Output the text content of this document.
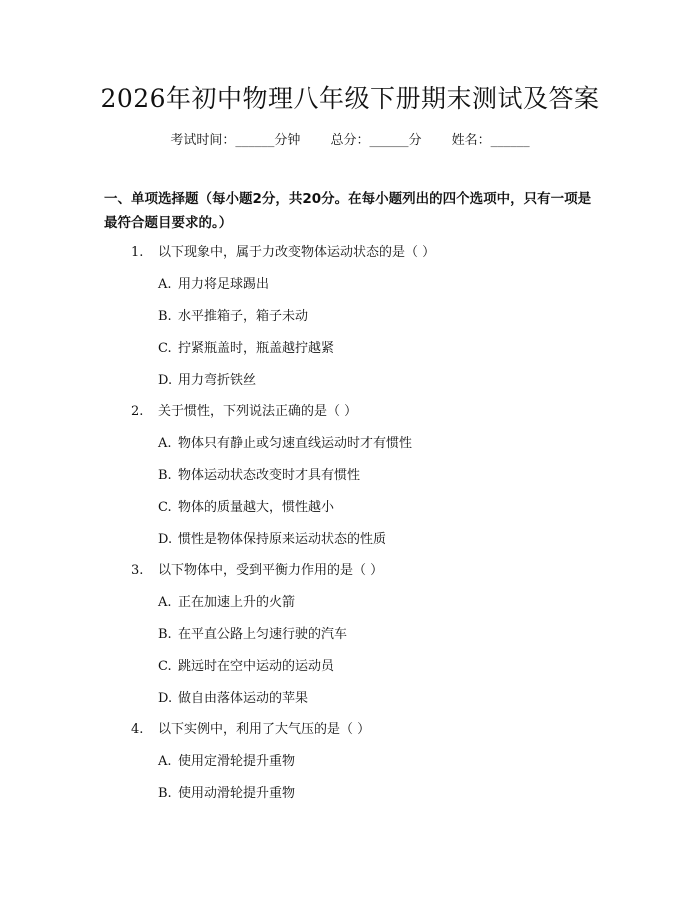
2026年初中物理八年级下册期末测试及答案
考试时间：______分钟 总分：______分 姓名：______
一、单项选择题（每小题2分，共20分。在每小题列出的四个选项中，只有一项是最符合题目要求的。）
1. 以下现象中，属于力改变物体运动状态的是（ ）
A. 用力将足球踢出
B. 水平推箱子，箱子未动
C. 拧紧瓶盖时，瓶盖越拧越紧
D. 用力弯折铁丝
2. 关于惯性，下列说法正确的是（ ）
A. 物体只有静止或匀速直线运动时才有惯性
B. 物体运动状态改变时才具有惯性
C. 物体的质量越大，惯性越小
D. 惯性是物体保持原来运动状态的性质
3. 以下物体中，受到平衡力作用的是（ ）
A. 正在加速上升的火箭
B. 在平直公路上匀速行驶的汽车
C. 跳远时在空中运动的运动员
D. 做自由落体运动的苹果
4. 以下实例中，利用了大气压的是（ ）
A. 使用定滑轮提升重物
B. 使用动滑轮提升重物
